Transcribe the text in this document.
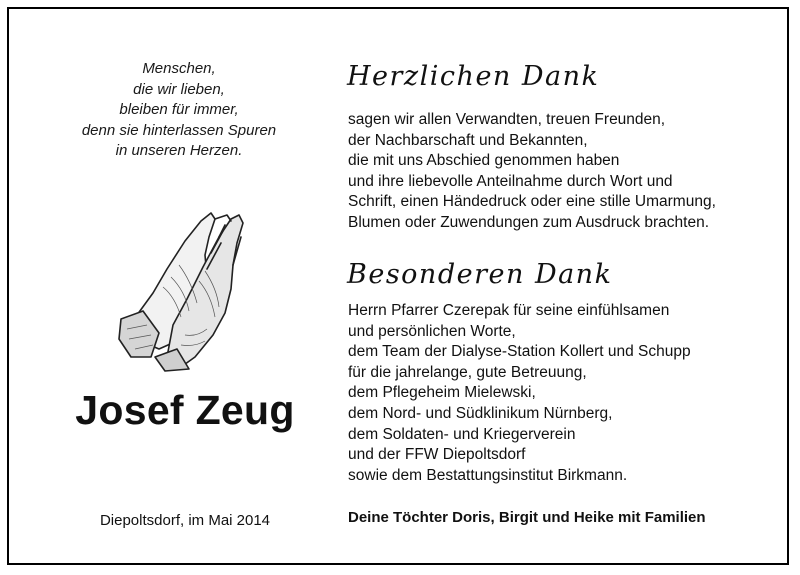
Menschen,
die wir lieben,
bleiben für immer,
denn sie hinterlassen Spuren
in unseren Herzen.
Josef Zeug
Diepoltsdorf, im Mai 2014
Herzlichen Dank
sagen wir allen Verwandten, treuen Freunden,
der Nachbarschaft und Bekannten,
die mit uns Abschied genommen haben
und ihre liebevolle Anteilnahme durch Wort und
Schrift, einen Händedruck oder eine stille Umarmung,
Blumen oder Zuwendungen zum Ausdruck brachten.
Besonderen Dank
Herrn Pfarrer Czerepak für seine einfühlsamen
und persönlichen Worte,
dem Team der Dialyse-Station Kollert und Schupp
für die jahrelange, gute Betreuung,
dem Pflegeheim Mielewski,
dem Nord- und Südklinikum Nürnberg,
dem Soldaten- und Kriegerverein
und der FFW Diepoltsdorf
sowie dem Bestattungsinstitut Birkmann.
Deine Töchter Doris, Birgit und Heike mit Familien
